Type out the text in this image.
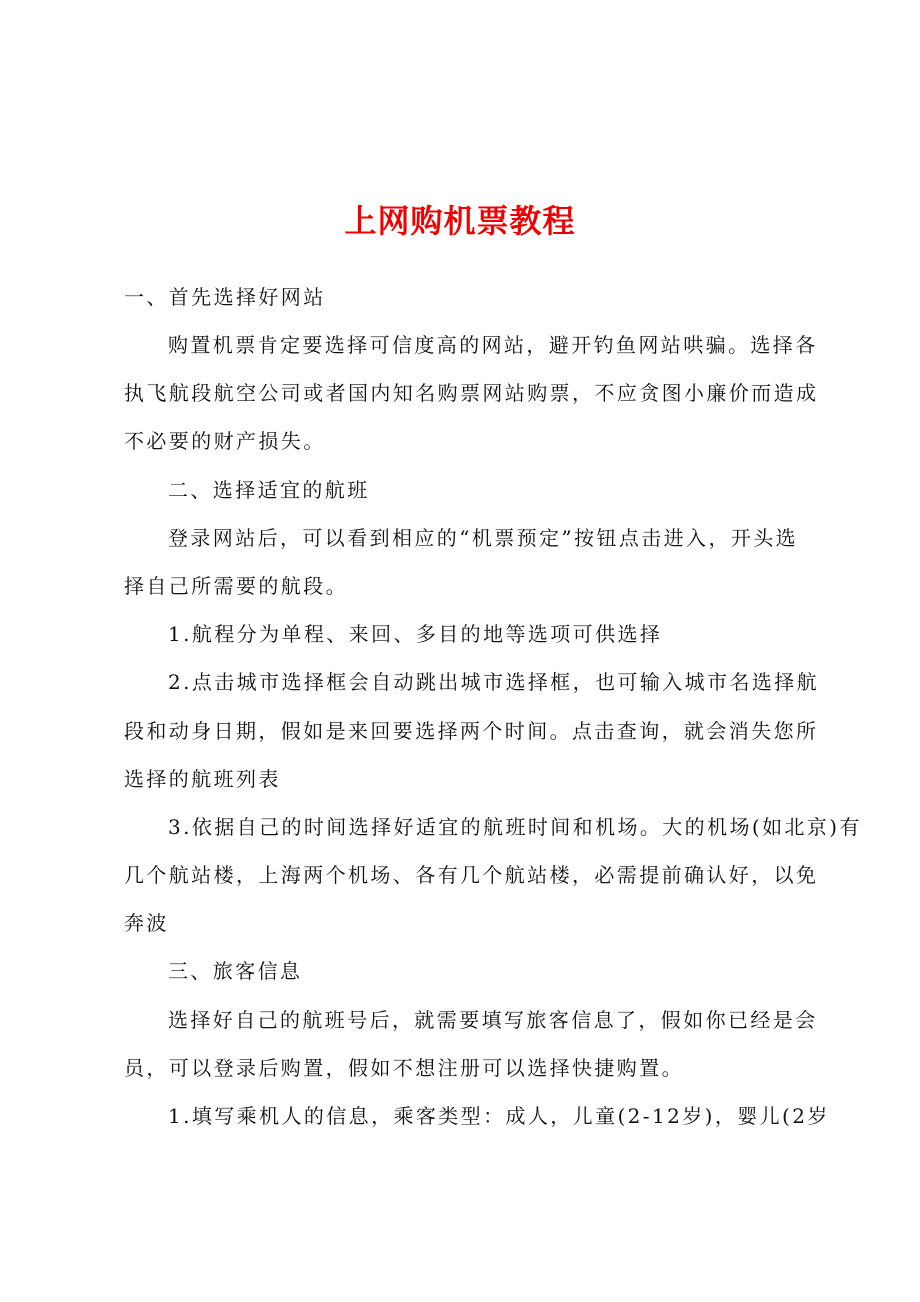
上网购机票教程
一、首先选择好网站
购置机票肯定要选择可信度高的网站，避开钓鱼网站哄骗。选择各
执飞航段航空公司或者国内知名购票网站购票，不应贪图小廉价而造成
不必要的财产损失。
二、选择适宜的航班
登录网站后，可以看到相应的“机票预定”按钮点击进入，开头选
择自己所需要的航段。
1.航程分为单程、来回、多目的地等选项可供选择
2.点击城市选择框会自动跳出城市选择框，也可输入城市名选择航
段和动身日期，假如是来回要选择两个时间。点击查询，就会消失您所
选择的航班列表
3.依据自己的时间选择好适宜的航班时间和机场。大的机场(如北京)有
几个航站楼，上海两个机场、各有几个航站楼，必需提前确认好，以免
奔波
三、旅客信息
选择好自己的航班号后，就需要填写旅客信息了，假如你已经是会
员，可以登录后购置，假如不想注册可以选择快捷购置。
1.填写乘机人的信息，乘客类型：成人，儿童(2-12岁)，婴儿(2岁
